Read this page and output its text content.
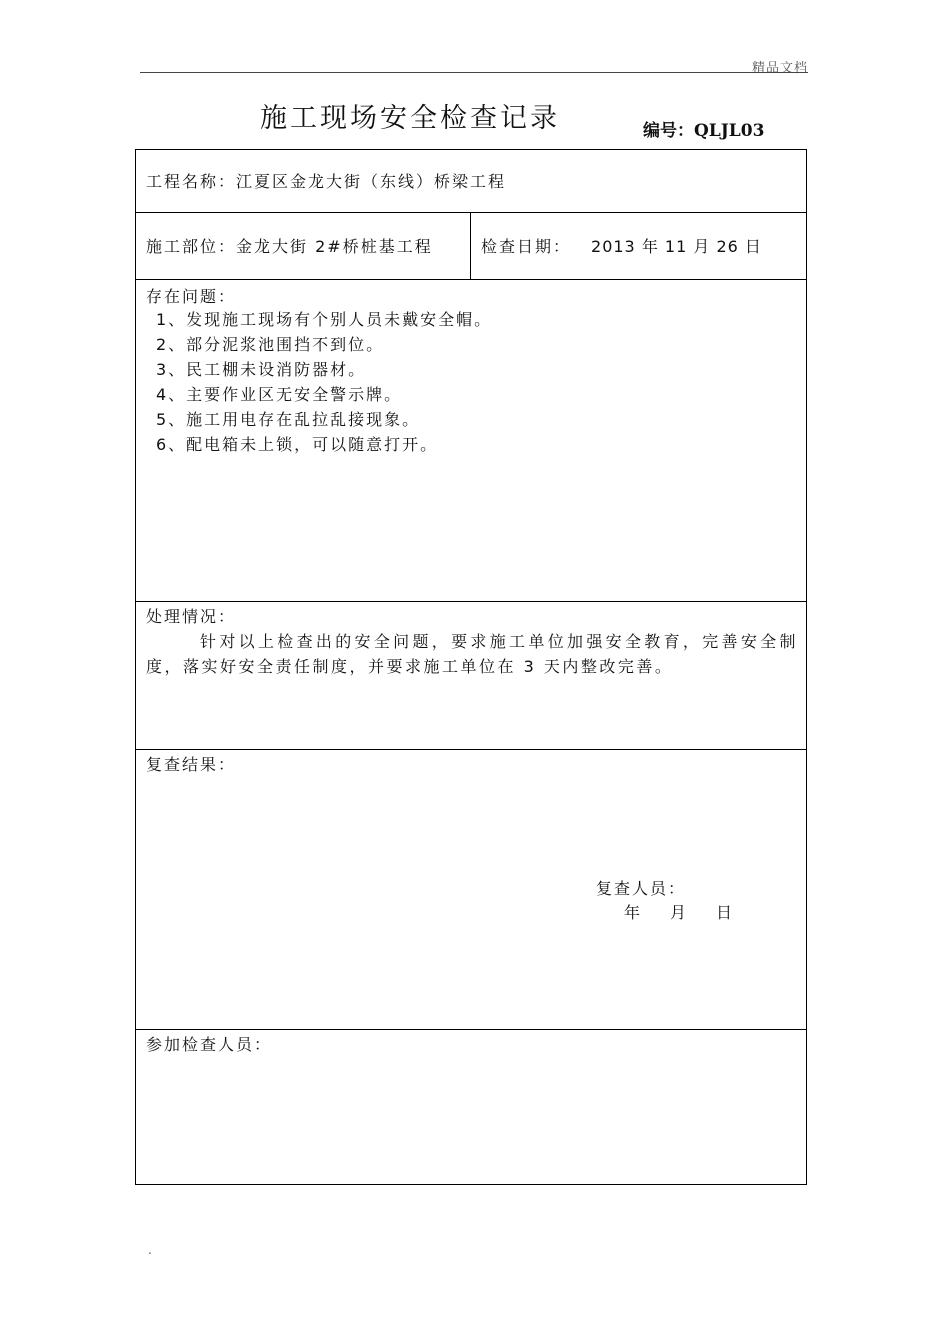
精品文档
施工现场安全检查记录	编号：QLJL03
工程名称：江夏区金龙大街（东线）桥梁工程
施工部位：金龙大街 2#桥桩基工程	检查日期： 2013 年 11 月 26 日
存在问题：
1、发现施工现场有个别人员未戴安全帽。
2、部分泥浆池围挡不到位。
3、民工棚未设消防器材。
4、主要作业区无安全警示牌。
5、施工用电存在乱拉乱接现象。
6、配电箱未上锁，可以随意打开。
处理情况：
针对以上检查出的安全问题，要求施工单位加强安全教育，完善安全制度，落实好安全责任制度，并要求施工单位在 3 天内整改完善。
复查结果：
复查人员：
年 月 日
参加检查人员：
.
